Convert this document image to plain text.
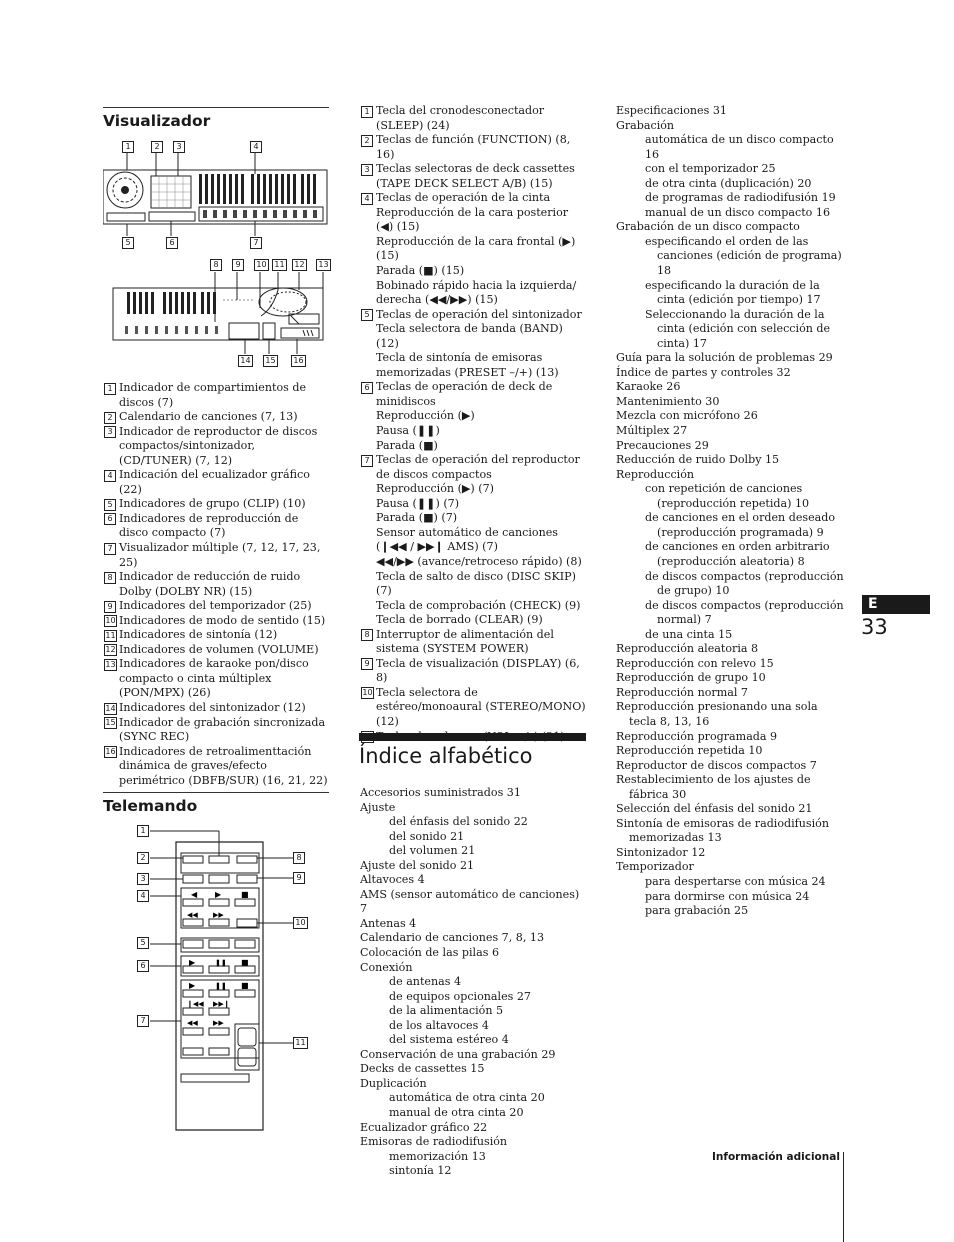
Visualizador
1	2	3	4
5	6	7
8	9	10 11	12	13
14	15	16
1 Indicador de compartimientos de discos (7)
2 Calendario de canciones (7, 13)
3 Indicador de reproductor de discos compactos/sintonizador, (CD/TUNER) (7, 12)
4 Indicación del ecualizador gráfico (22)
5 Indicadores de grupo (CLIP) (10)
6 Indicadores de reproducción de disco compacto (7)
7 Visualizador múltiple (7, 12, 17, 23, 25)
8 Indicador de reducción de ruido Dolby (DOLBY NR) (15)
9 Indicadores del temporizador (25)
10 Indicadores de modo de sentido (15)
11 Indicadores de sintonía (12)
12 Indicadores de volumen (VOLUME)
13 Indicadores de karaoke pon/disco compacto o cinta múltiplex (PON/MPX) (26)
14 Indicadores del sintonizador (12)
15 Indicador de grabación sincronizada (SYNC REC)
16 Indicadores de retroalimenttación dinámica de graves/efecto perimétrico (DBFB/SUR) (16, 21, 22)
Telemando
◀ ▶ ■
◀◀ ▶▶
▶	❚❚ ■
▶	❚❚ ■
❙◀◀ ▶▶❙
◀◀ ▶▶
1
2
3
4
5
6
7
8
9
10
11
1 Tecla del cronodesconectador (SLEEP) (24)
2 Teclas de función (FUNCTION) (8, 16)
3 Teclas selectoras de deck cassettes (TAPE DECK SELECT A/B) (15)
4 Teclas de operación de la cinta
Reproducción de la cara posterior (◀) (15)
Reproducción de la cara frontal (▶) (15)
Parada (■) (15)
Bobinado rápido hacia la izquierda/ derecha (◀◀/▶▶) (15)
5 Teclas de operación del sintonizador
Tecla selectora de banda (BAND) (12)
Tecla de sintonía de emisoras memorizadas (PRESET –/+) (13)
6 Teclas de operación de deck de minidiscos
Reproducción (▶)
Pausa (❚❚)
Parada (■)
7 Teclas de operación del reproductor de discos compactos
Reproducción (▶) (7)
Pausa (❚❚) (7)
Parada (■) (7)
Sensor automático de canciones (❙◀◀ / ▶▶❙ AMS) (7)
◀◀/▶▶ (avance/retroceso rápido) (8)
Tecla de salto de disco (DISC SKIP) (7)
Tecla de comprobación (CHECK) (9)
Tecla de borrado (CLEAR) (9)
8 Interruptor de alimentación del sistema (SYSTEM POWER)
9 Tecla de visualización (DISPLAY) (6, 8)
10 Tecla selectora de estéreo/monoaural (STEREO/MONO) (12)
Índice alfabético
Accesorios suministrados 31
Ajuste
del énfasis del sonido 22
del sonido 21
del volumen 21
Ajuste del sonido 21
Altavoces 4
AMS (sensor automático de canciones) 7
Antenas 4
Calendario de canciones 7, 8, 13
Colocación de las pilas 6
Conexión
de antenas 4
de equipos opcionales 27
de la alimentación 5
de los altavoces 4
del sistema estéreo 4
Conservación de una grabación 29
Decks de cassettes 15
Duplicación
automática de otra cinta 20
manual de otra cinta 20
Ecualizador gráfico 22
Emisoras de radiodifusión
memorización 13
sintonía 12
Especificaciones 31
Grabación
automática de un disco compacto 16
con el temporizador 25
de otra cinta (duplicación) 20
de programas de radiodifusión 19
manual de un disco compacto 16
Grabación de un disco compacto
especificando el orden de las canciones (edición de programa) 18
especificando la duración de la cinta (edición por tiempo) 17
Seleccionando la duración de la cinta (edición con selección de cinta) 17
Guía para la solución de problemas 29
Índice de partes y controles 32
Karaoke 26
Mantenimiento 30
Mezcla con micrófono 26
Múltiplex 27
Precauciones 29
Reducción de ruido Dolby 15
Reproducción
con repetición de canciones (reproducción repetida) 10
de canciones en el orden deseado (reproducción programada) 9
de canciones en orden arbitrario (reproducción aleatoria) 8
de discos compactos (reproducción de grupo) 10
de discos compactos (reproducción normal) 7
de una cinta 15
Reproducción aleatoria 8
Reproducción con relevo 15
Reproducción de grupo 10
Reproducción normal 7
Reproducción presionando una sola tecla 8, 13, 16
Reproducción programada 9
Reproducción repetida 10
Reproductor de discos compactos 7
Restablecimiento de los ajustes de fábrica 30
Selección del énfasis del sonido 21
Sintonía de emisoras de radiodifusión memorizadas 13
Sintonizador 12
Temporizador
para despertarse con música 24
para dormirse con música 24
para grabación 25
E
33
Información adicional
